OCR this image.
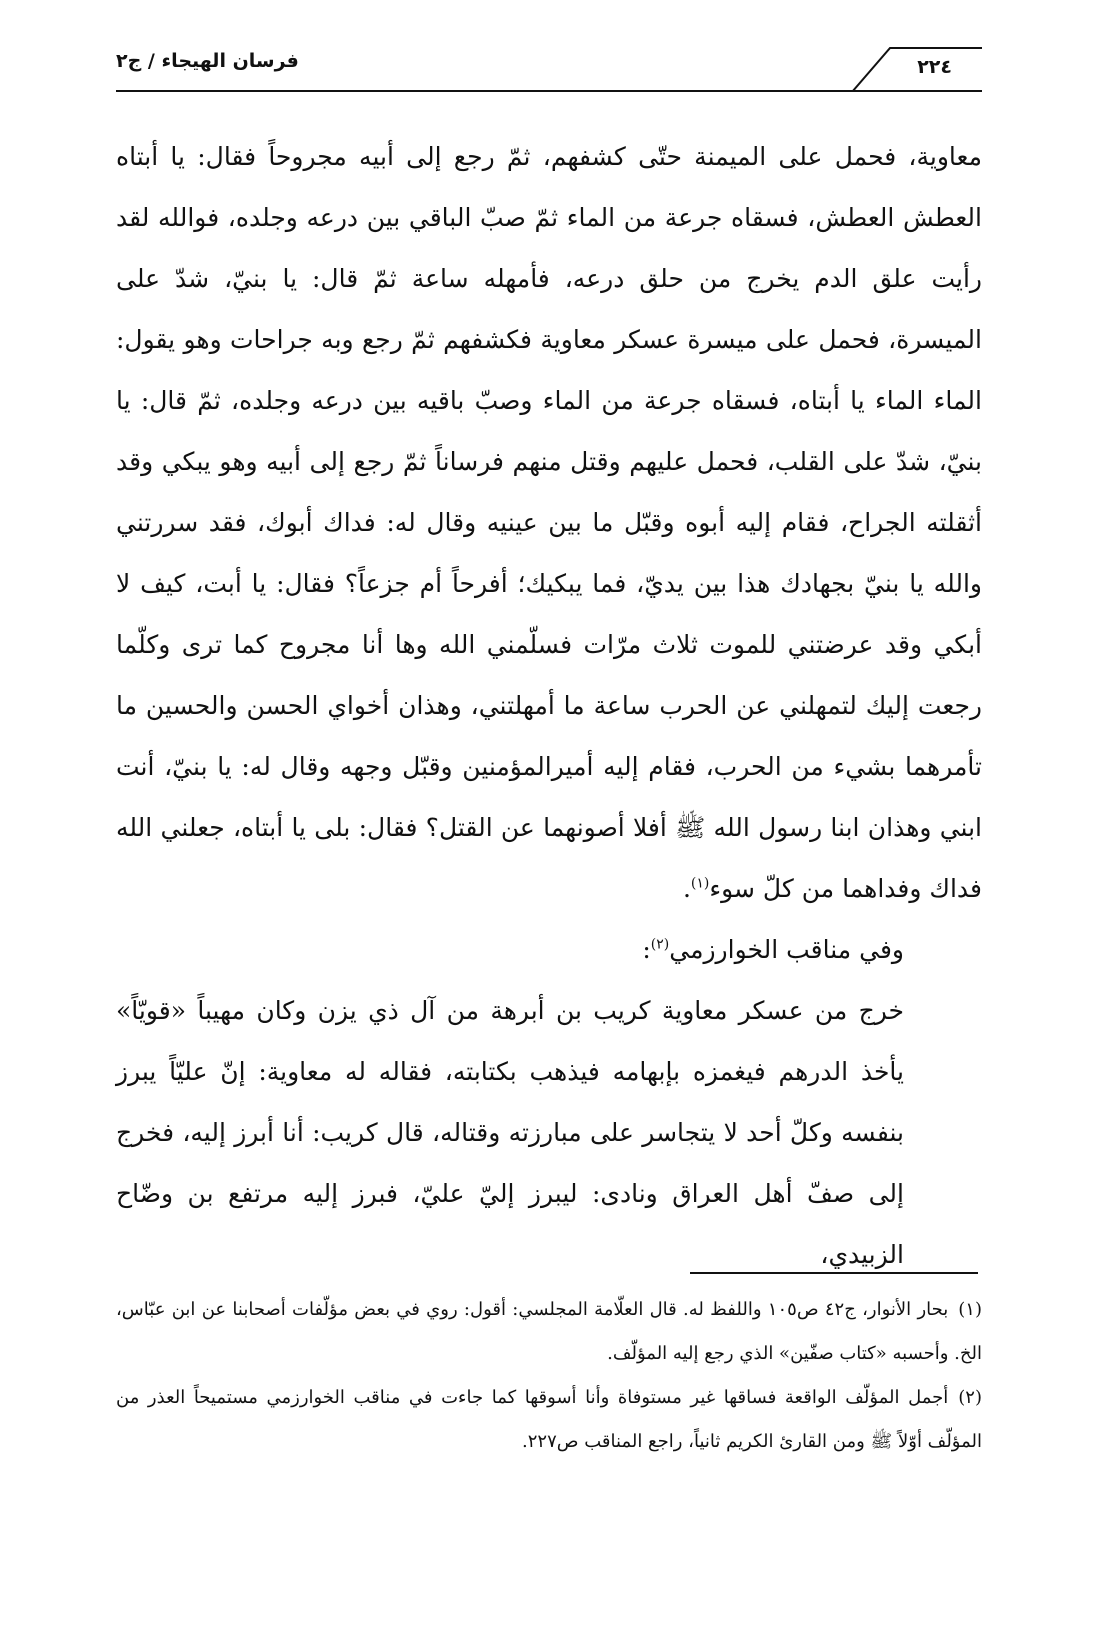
فرسان الهيجاء / ج٢	٢٢٤

معاوية، فحمل على الميمنة حتّى كشفهم، ثمّ رجع إلى أبيه مجروحاً فقال: يا أبتاه العطش العطش، فسقاه جرعة من الماء ثمّ صبّ الباقي بين درعه وجلده، فوالله لقد رأيت علق الدم يخرج من حلق درعه، فأمهله ساعة ثمّ قال: يا بنيّ، شدّ على الميسرة، فحمل على ميسرة عسكر معاوية فكشفهم ثمّ رجع وبه جراحات وهو يقول: الماء الماء يا أبتاه، فسقاه جرعة من الماء وصبّ باقيه بين درعه وجلده، ثمّ قال: يا بنيّ، شدّ على القلب، فحمل عليهم وقتل منهم فرساناً ثمّ رجع إلى أبيه وهو يبكي وقد أثقلته الجراح، فقام إليه أبوه وقبّل ما بين عينيه وقال له: فداك أبوك، فقد سررتني والله يا بنيّ بجهادك هذا بين يديّ، فما يبكيك؛ أفرحاً أم جزعاً؟ فقال: يا أبت، كيف لا أبكي وقد عرضتني للموت ثلاث مرّات فسلّمني الله وها أنا مجروح كما ترى وكلّما رجعت إليك لتمهلني عن الحرب ساعة ما أمهلتني، وهذان أخواي الحسن والحسين ما تأمرهما بشيء من الحرب، فقام إليه أميرالمؤمنين وقبّل وجهه وقال له: يا بنيّ، أنت ابني وهذان ابنا رسول الله ﷺ أفلا أصونهما عن القتل؟ فقال: بلى يا أبتاه، جعلني الله فداك وفداهما من كلّ سوء$^{(١)}$.

وفي مناقب الخوارزمي$^{(٢)}$:

خرج من عسكر معاوية كريب بن أبرهة من آل ذي يزن وكان مهيباً «قويّاً» يأخذ الدرهم فيغمزه بإبهامه فيذهب بكتابته، فقاله له معاوية: إنّ عليّاً يبرز بنفسه وكلّ أحد لا يتجاسر على مبارزته وقتاله، قال كريب: أنا أبرز إليه، فخرج إلى صفّ أهل العراق ونادى: ليبرز إليّ عليّ، فبرز إليه مرتفع بن وضّاح الزبيدي،

(١)بحار الأنوار، ج٤٢ ص١٠٥ واللفظ له. قال العلّامة المجلسي: أقول: روي في بعض مؤلّفات أصحابنا عن ابن عبّاس، الخ. وأحسبه «كتاب صفّين» الذي رجع إليه المؤلّف.

(٢)أجمل المؤلّف الواقعة فساقها غير مستوفاة وأنا أسوقها كما جاءت في مناقب الخوارزمي مستميحاً العذر من المؤلّف أوّلاً ﷺ ومن القارئ الكريم ثانياً، راجع المناقب ص٢٢٧.
